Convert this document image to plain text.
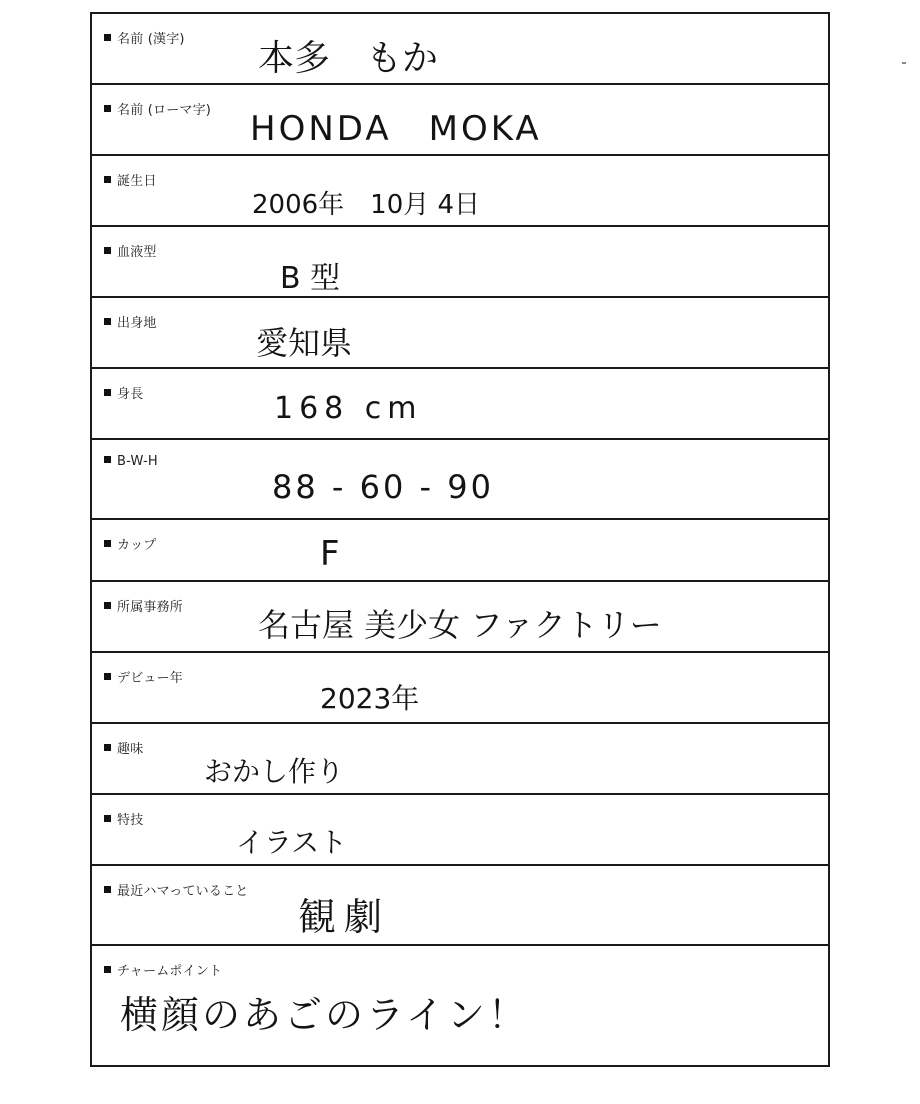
名前 (漢字) 本多　もか
名前 (ローマ字) HONDA　MOKA
誕生日
2006年　10月 4日
血液型
B 型
出身地
愛知県
身長	168 cm
B-W-H
88 - 60 - 90
カップ	F
所属事務所 名古屋 美少女 ファクトリー
デビュー年
2023年
趣味
おかし作り
特技
イラスト
最近ハマっていること
観劇
チャームポイント
横顔のあごのライン！
